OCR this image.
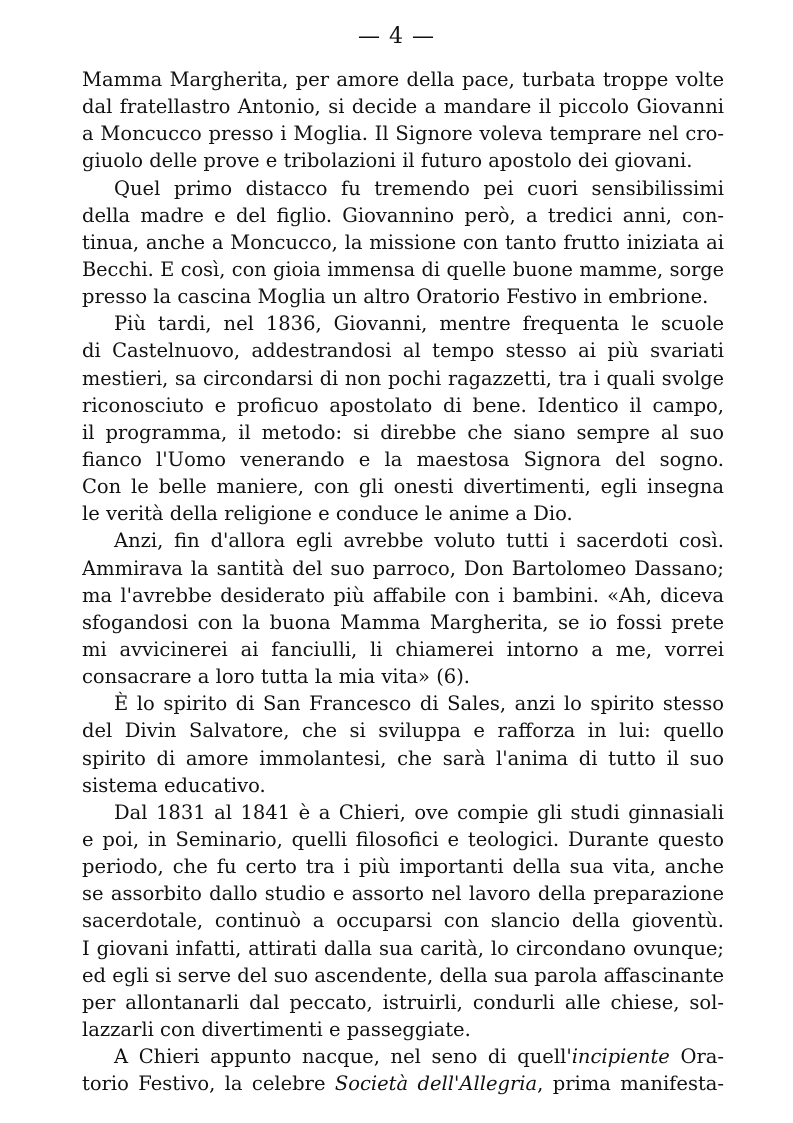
— 4 —
Mamma Margherita, per amore della pace, turbata troppe volte
dal fratellastro Antonio, si decide a mandare il piccolo Giovanni
a Moncucco presso i Moglia. Il Signore voleva temprare nel cro-
giuolo delle prove e tribolazioni il futuro apostolo dei giovani.
Quel primo distacco fu tremendo pei cuori sensibilissimi
della madre e del figlio. Giovannino però, a tredici anni, con-
tinua, anche a Moncucco, la missione con tanto frutto iniziata ai
Becchi. E così, con gioia immensa di quelle buone mamme, sorge
presso la cascina Moglia un altro Oratorio Festivo in embrione.
Più tardi, nel 1836, Giovanni, mentre frequenta le scuole
di Castelnuovo, addestrandosi al tempo stesso ai più svariati
mestieri, sa circondarsi di non pochi ragazzetti, tra i quali svolge
riconosciuto e proficuo apostolato di bene. Identico il campo,
il programma, il metodo: si direbbe che siano sempre al suo
fianco l'Uomo venerando e la maestosa Signora del sogno.
Con le belle maniere, con gli onesti divertimenti, egli insegna
le verità della religione e conduce le anime a Dio.
Anzi, fin d'allora egli avrebbe voluto tutti i sacerdoti così.
Ammirava la santità del suo parroco, Don Bartolomeo Dassano;
ma l'avrebbe desiderato più affabile con i bambini. «Ah, diceva
sfogandosi con la buona Mamma Margherita, se io fossi prete
mi avvicinerei ai fanciulli, li chiamerei intorno a me, vorrei
consacrare a loro tutta la mia vita» (6).
È lo spirito di San Francesco di Sales, anzi lo spirito stesso
del Divin Salvatore, che si sviluppa e rafforza in lui: quello
spirito di amore immolantesi, che sarà l'anima di tutto il suo
sistema educativo.
Dal 1831 al 1841 è a Chieri, ove compie gli studi ginnasiali
e poi, in Seminario, quelli filosofici e teologici. Durante questo
periodo, che fu certo tra i più importanti della sua vita, anche
se assorbito dallo studio e assorto nel lavoro della preparazione
sacerdotale, continuò a occuparsi con slancio della gioventù.
I giovani infatti, attirati dalla sua carità, lo circondano ovunque;
ed egli si serve del suo ascendente, della sua parola affascinante
per allontanarli dal peccato, istruirli, condurli alle chiese, sol-
lazzarli con divertimenti e passeggiate.
A Chieri appunto nacque, nel seno di quell'incipiente Ora-
torio Festivo, la celebre Società dell'Allegria, prima manifesta-
